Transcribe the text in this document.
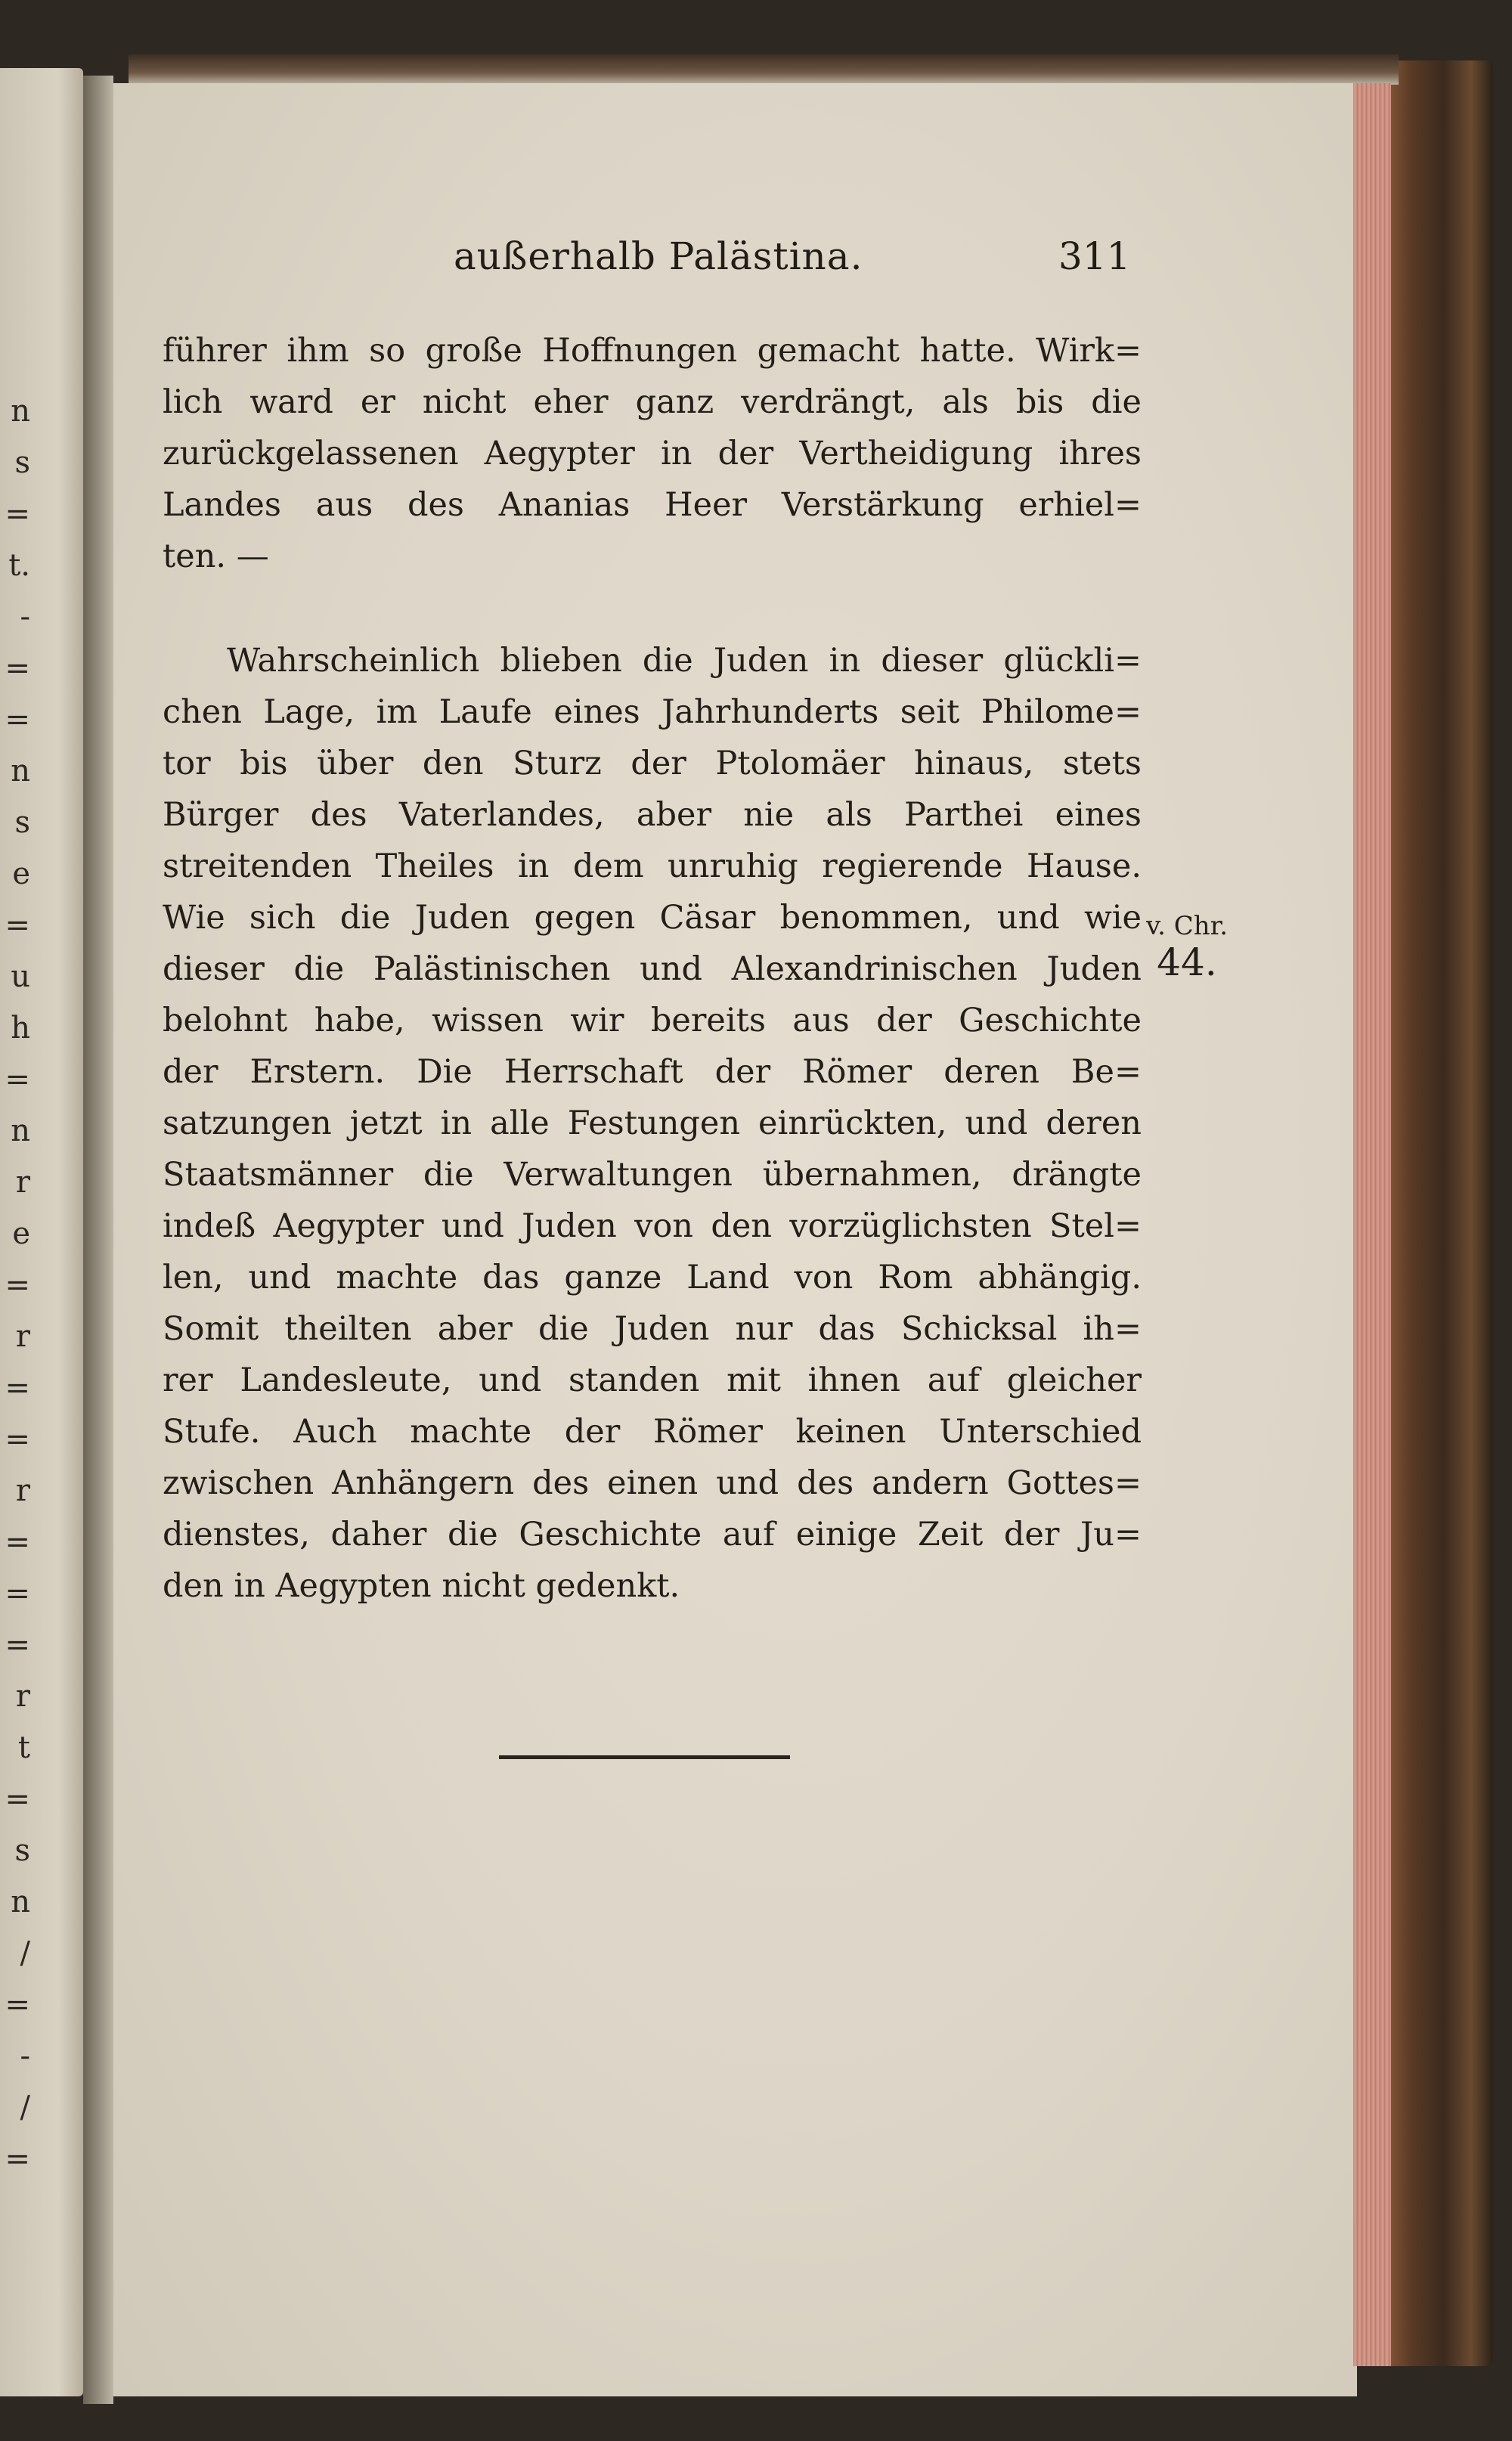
n
s
=
t.
-
=
=
n
s
e
=
u
h
=
n
r
e
=
r
=
=
r
=
=
=
r
t
=
s
n
/
=
-
/
=
außerhalb Palästina.	311
führer ihm so große Hoffnungen gemacht hatte. Wirk=
lich ward er nicht eher ganz verdrängt, als bis die
zurückgelassenen Aegypter in der Vertheidigung ihres
Landes aus des Ananias Heer Verstärkung erhiel=
ten. —
Wahrscheinlich blieben die Juden in dieser glückli=
chen Lage, im Laufe eines Jahrhunderts seit Philome=
tor bis über den Sturz der Ptolomäer hinaus, stets
Bürger des Vaterlandes, aber nie als Parthei eines
streitenden Theiles in dem unruhig regierende Hause.
Wie sich die Juden gegen Cäsar benommen, und wie
dieser die Palästinischen und Alexandrinischen Juden
belohnt habe, wissen wir bereits aus der Geschichte
der Erstern. Die Herrschaft der Römer deren Be=
satzungen jetzt in alle Festungen einrückten, und deren
Staatsmänner die Verwaltungen übernahmen, drängte
indeß Aegypter und Juden von den vorzüglichsten Stel=
len, und machte das ganze Land von Rom abhängig.
Somit theilten aber die Juden nur das Schicksal ih=
rer Landesleute, und standen mit ihnen auf gleicher
Stufe. Auch machte der Römer keinen Unterschied
zwischen Anhängern des einen und des andern Gottes=
dienstes, daher die Geschichte auf einige Zeit der Ju=
den in Aegypten nicht gedenkt.
v. Chr.
44.
